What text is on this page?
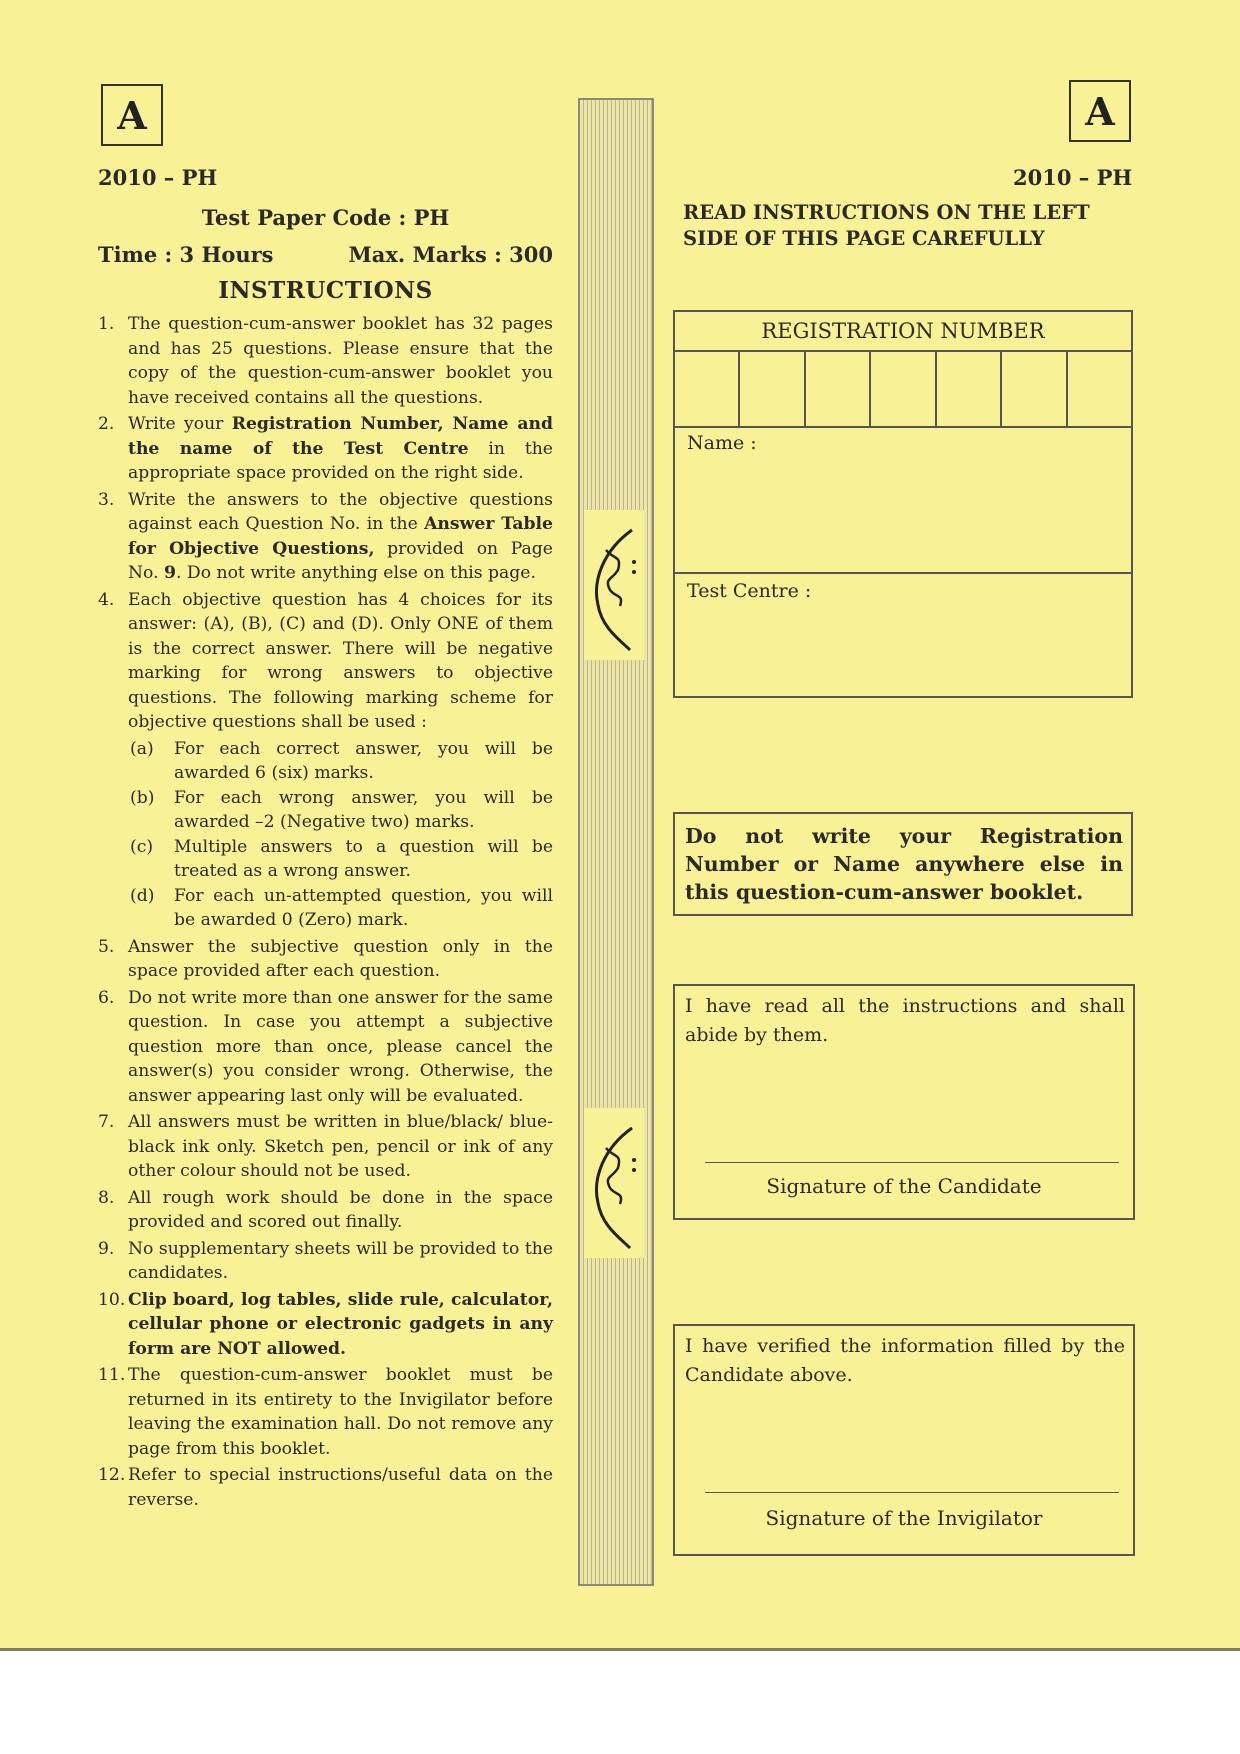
A
2010 – PH
A
2010 – PH
Test Paper Code : PH
Time : 3 Hours	Max. Marks : 300
INSTRUCTIONS
1. The question-cum-answer booklet has 32 pages and has 25 questions. Please ensure that the copy of the question-cum-answer booklet you have received contains all the questions.
2. Write your Registration Number, Name and the name of the Test Centre in the appropriate space provided on the right side.
3. Write the answers to the objective questions against each Question No. in the Answer Table for Objective Questions, provided on Page No. 9. Do not write anything else on this page.
4. Each objective question has 4 choices for its answer: (A), (B), (C) and (D). Only ONE of them is the correct answer. There will be negative marking for wrong answers to objective questions. The following marking scheme for objective questions shall be used :
(a) For each correct answer, you will be awarded 6 (six) marks.
(b) For each wrong answer, you will be awarded –2 (Negative two) marks.
(c) Multiple answers to a question will be treated as a wrong answer.
(d) For each un-attempted question, you will be awarded 0 (Zero) mark.
5. Answer the subjective question only in the space provided after each question.
6. Do not write more than one answer for the same question. In case you attempt a subjective question more than once, please cancel the answer(s) you consider wrong. Otherwise, the answer appearing last only will be evaluated.
7. All answers must be written in blue/black/ blue-black ink only. Sketch pen, pencil or ink of any other colour should not be used.
8. All rough work should be done in the space provided and scored out finally.
9. No supplementary sheets will be provided to the candidates.
10. Clip board, log tables, slide rule, calculator, cellular phone or electronic gadgets in any form are NOT allowed.
11. The question-cum-answer booklet must be returned in its entirety to the Invigilator before leaving the examination hall. Do not remove any page from this booklet.
12. Refer to special instructions/useful data on the reverse.
READ INSTRUCTIONS ON THE LEFT SIDE OF THIS PAGE CAREFULLY
REGISTRATION NUMBER
Name :
Test Centre :
Do not write your Registration Number or Name anywhere else in this question-cum-answer booklet.
I have read all the instructions and shall abide by them.
Signature of the Candidate
I have verified the information filled by the Candidate above.
Signature of the Invigilator
